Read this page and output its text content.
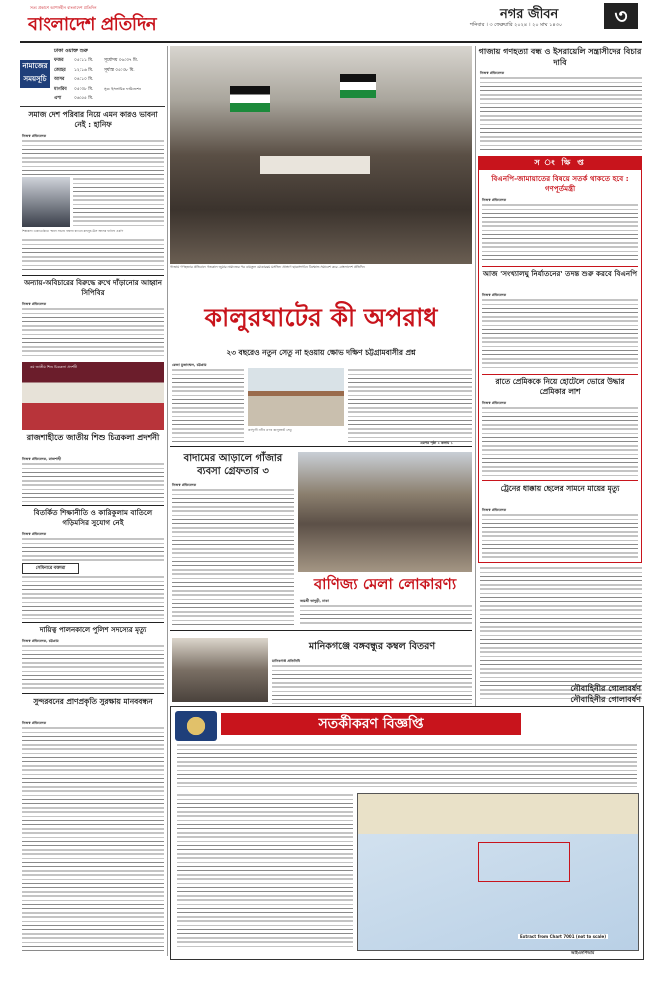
সত্য প্রকাশে আপসহীন বাংলাদেশ প্রতিদিন
বাংলাদেশ প্রতিদিন	নগর জীবন	৩
শনিবার । ৩ ফেব্রুয়ারি ২০২৪ । ২০ মাঘ ১৪৩০
নামাজের
সময়সূচি
ঢাকা ওয়াক্ত শুরু
ফজর ০৫:১১ মি. সূর্যোদয় ০৬:৩৭ মি.
জোহর ১২:১৬ মি. সূর্যাস্ত ০৫:৩৮ মি.
আসর ০৪:১০ মি.
মাগরিব ০৫:৩৮ মি.	সূত্র: ইসলামিক ফাউন্ডেশন
এশা	০৬:৫৫ মি.
সমাজ দেশ পরিবার নিয়ে এমন কারও ভাবনা নেই : হানিফ
নিজস্ব প্রতিবেদক
শিল্পকলা একাডেমিতে স্মরণ সভায় বক্তব্য রাখেন মাহবুব-উল আলম হানিফ এমপি
অন্যায়-অবিচারের বিরুদ্ধে রুখে দাঁড়ানোর আহ্বান সিপিবির
নিজস্ব প্রতিবেদক
৩য় জাতীয় শিশু চিত্রকলা প্রদর্শনী
রাজশাহীতে জাতীয় শিশু চিত্রকলা প্রদর্শনী
নিজস্ব প্রতিবেদক, রাজশাহী
বিতর্কিত শিক্ষানীতি ও কারিকুলাম বাতিলে গড়িমসির সুযোগ নেই
নিজস্ব প্রতিবেদক
সেমিনারে বক্তারা
দায়িত্ব পালনকালে পুলিশ সদস্যের মৃত্যু
নিজস্ব প্রতিবেদক, চট্টগ্রাম
সুন্দরবনের প্রাণপ্রকৃতি সুরক্ষায় মানববন্ধন
নিজস্ব প্রতিবেদক
গাজায় গণহত্যার প্রতিবাদে গতকাল জুমার নামাজের পর বায়তুল মোকাররম মসজিদ প্রাঙ্গণে ছাত্রসংগঠন বিক্ষোভ সমাবেশ করে -বাংলাদেশ প্রতিদিন
কালুরঘাটের কী অপরাধ
২৩ বছরেও নতুন সেতু না হওয়ায় ক্ষোভ দক্ষিণ চট্টগ্রামবাসীর প্রশ্ন
রেজা মুজাম্মেল, চট্টগ্রাম
কর্ণফুলী নদীর ওপর কালুরঘাট সেতু
এরপর পৃষ্ঠা ২ কলাম ১
বাদামের আড়ালে গাঁজার ব্যবসা গ্রেফতার ৩
নিজস্ব প্রতিবেদক
বাণিজ্য মেলা লোকারণ্য
জয়শ্রী ভাদুড়ী, ঢাকা
মানিকগঞ্জে বঙ্গবন্ধুর কম্বল বিতরণ
মানিকগঞ্জ প্রতিনিধি
গাজায় গণহত্যা বন্ধ ও ইসরায়েলি সন্ত্রাসীদের বিচার দাবি
নিজস্ব প্রতিবেদক
স ং ক্ষি প্ত
বিএনপি-জামায়াতের বিষয়ে সতর্ক থাকতে হবে : গণপূর্তমন্ত্রী
নিজস্ব প্রতিবেদক
আজ 'সংখ্যালঘু নির্যাতনের' তদন্ত শুরু করবে বিএনপি
নিজস্ব প্রতিবেদক
রাতে প্রেমিককে নিয়ে হোটেলে ভোরে উদ্ধার প্রেমিকার লাশ
নিজস্ব প্রতিবেদক
ট্রেনের ধাক্কায় ছেলের সামনে মায়ের মৃত্যু
নিজস্ব প্রতিবেদক
নৌবাহিনীর গোলাবর্ষণ
নৌবাহিনীর গোলাবর্ষণ
সতর্কীকরণ বিজ্ঞপ্তি
Extract from Chart 7001 (not to scale)
আইএসপিআর
